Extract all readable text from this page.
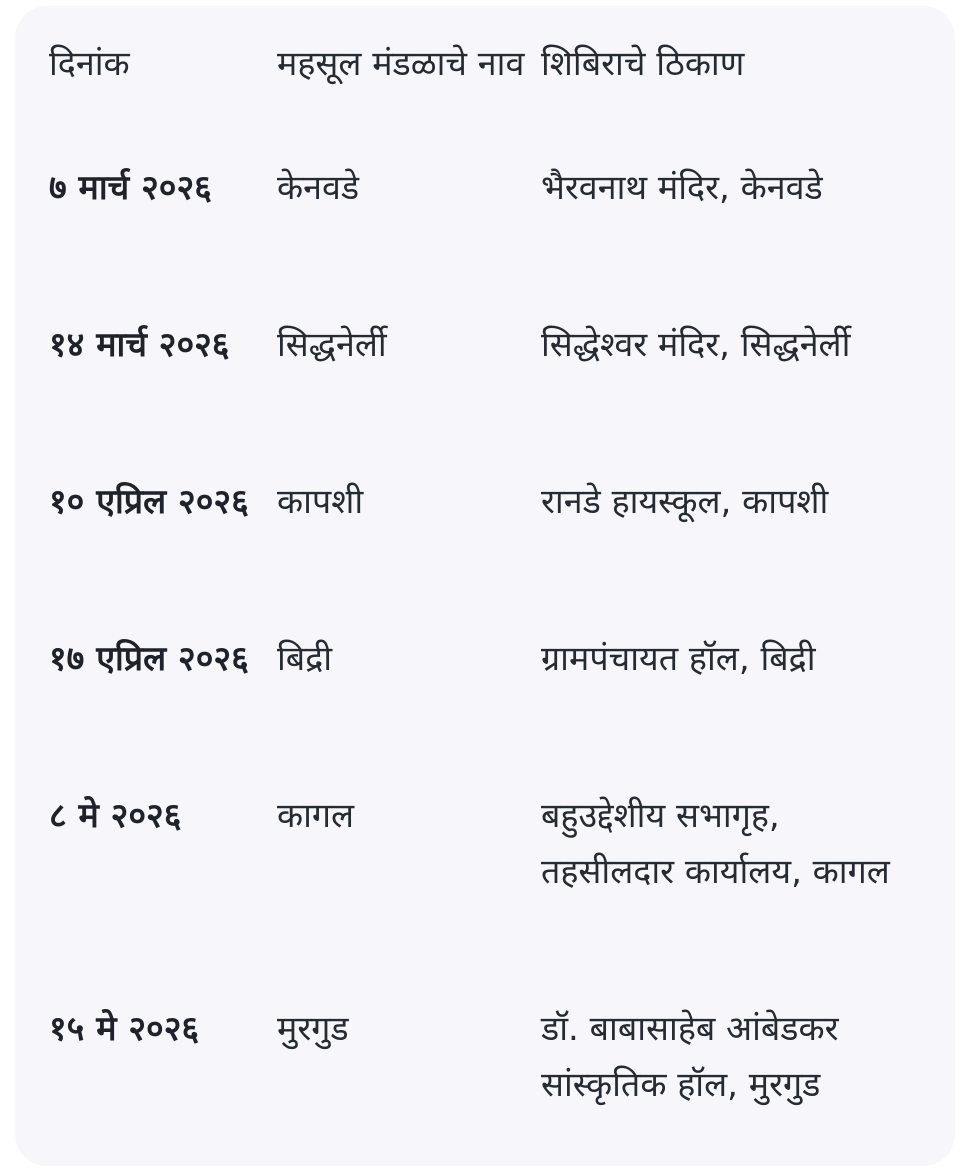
दिनांक	महसूल मंडळाचे नाव	शिबिराचे ठिकाण
७ मार्च २०२६	केनवडे	भैरवनाथ मंदिर, केनवडे
१४ मार्च २०२६	सिद्धनेर्ली	सिद्धेश्वर मंदिर, सिद्धनेर्ली
१० एप्रिल २०२६	कापशी	रानडे हायस्कूल, कापशी
१७ एप्रिल २०२६	बिद्री	ग्रामपंचायत हॉल, बिद्री
८ मे २०२६	कागल	बहुउद्देशीय सभागृह, तहसीलदार कार्यालय, कागल
१५ मे २०२६	मुरगुड	डॉ. बाबासाहेब आंबेडकर सांस्कृतिक हॉल, मुरगुड
